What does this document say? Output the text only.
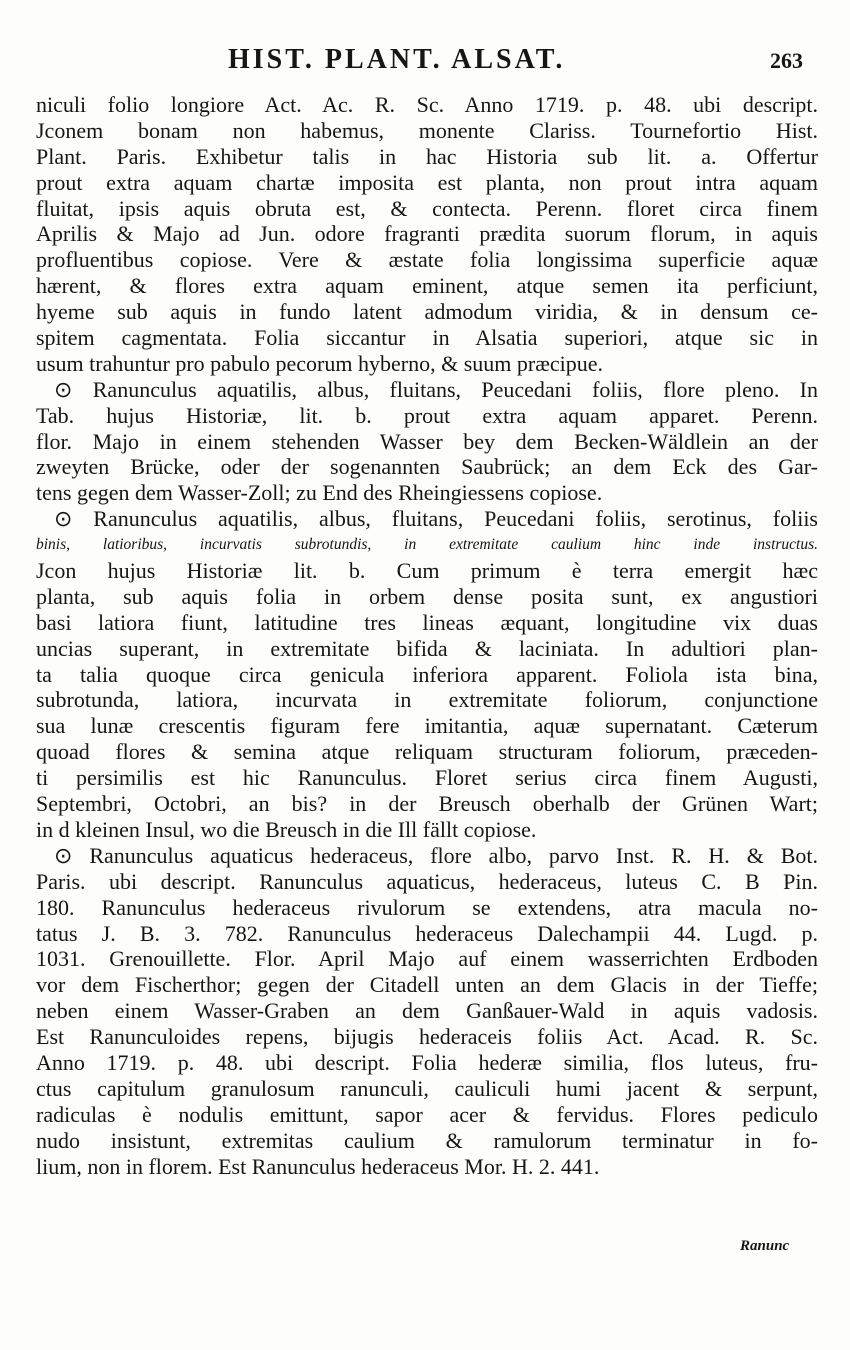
HIST. PLANT. ALSAT.	263
niculi folio longiore Act. Ac. R. Sc. Anno 1719. p. 48. ubi descript.
Jconem bonam non habemus, monente Clariss. Tournefortio Hist.
Plant. Paris. Exhibetur talis in hac Historia sub lit. a. Offertur
prout extra aquam chartæ imposita est planta, non prout intra aquam
fluitat, ipsis aquis obruta est, & contecta. Perenn. floret circa finem
Aprilis & Majo ad Jun. odore fragranti prædita suorum florum, in aquis
profluentibus copiose. Vere & æstate folia longissima superficie aquæ
hærent, & flores extra aquam eminent, atque semen ita perficiunt,
hyeme sub aquis in fundo latent admodum viridia, & in densum ce-
spitem cagmentata. Folia siccantur in Alsatia superiori, atque sic in
usum trahuntur pro pabulo pecorum hyberno, & suum præcipue.
⊙ Ranunculus aquatilis, albus, fluitans, Peucedani foliis, flore pleno. In
Tab. hujus Historiæ, lit. b. prout extra aquam apparet. Perenn.
flor. Majo in einem stehenden Wasser bey dem Becken-Wäldlein an der
zweyten Brücke, oder der sogenannten Saubrück; an dem Eck des Gar-
tens gegen dem Wasser-Zoll; zu End des Rheingiessens copiose.
⊙ Ranunculus aquatilis, albus, fluitans, Peucedani foliis, serotinus, foliis
binis, latioribus, incurvatis subrotundis, in extremitate caulium hinc inde instructus.
Jcon hujus Historiæ lit. b. Cum primum è terra emergit hæc
planta, sub aquis folia in orbem dense posita sunt, ex angustiori
basi latiora fiunt, latitudine tres lineas æquant, longitudine vix duas
uncias superant, in extremitate bifida & laciniata. In adultiori plan-
ta talia quoque circa genicula inferiora apparent. Foliola ista bina,
subrotunda, latiora, incurvata in extremitate foliorum, conjunctione
sua lunæ crescentis figuram fere imitantia, aquæ supernatant. Cæterum
quoad flores & semina atque reliquam structuram foliorum, præceden-
ti persimilis est hic Ranunculus. Floret serius circa finem Augusti,
Septembri, Octobri, an bis? in der Breusch oberhalb der Grünen Wart;
in d kleinen Insul, wo die Breusch in die Ill fällt copiose.
⊙ Ranunculus aquaticus hederaceus, flore albo, parvo Inst. R. H. & Bot.
Paris. ubi descript. Ranunculus aquaticus, hederaceus, luteus C. B Pin.
180. Ranunculus hederaceus rivulorum se extendens, atra macula no-
tatus J. B. 3. 782. Ranunculus hederaceus Dalechampii 44. Lugd. p.
1031. Grenouillette. Flor. April Majo auf einem wasserrichten Erdboden
vor dem Fischerthor; gegen der Citadell unten an dem Glacis in der Tieffe;
neben einem Wasser-Graben an dem Ganßauer-Wald in aquis vadosis.
Est Ranunculoides repens, bijugis hederaceis foliis Act. Acad. R. Sc.
Anno 1719. p. 48. ubi descript. Folia hederæ similia, flos luteus, fru-
ctus capitulum granulosum ranunculi, cauliculi humi jacent & serpunt,
radiculas è nodulis emittunt, sapor acer & fervidus. Flores pediculo
nudo insistunt, extremitas caulium & ramulorum terminatur in fo-
lium, non in florem. Est Ranunculus hederaceus Mor. H. 2. 441.
Ranunc
